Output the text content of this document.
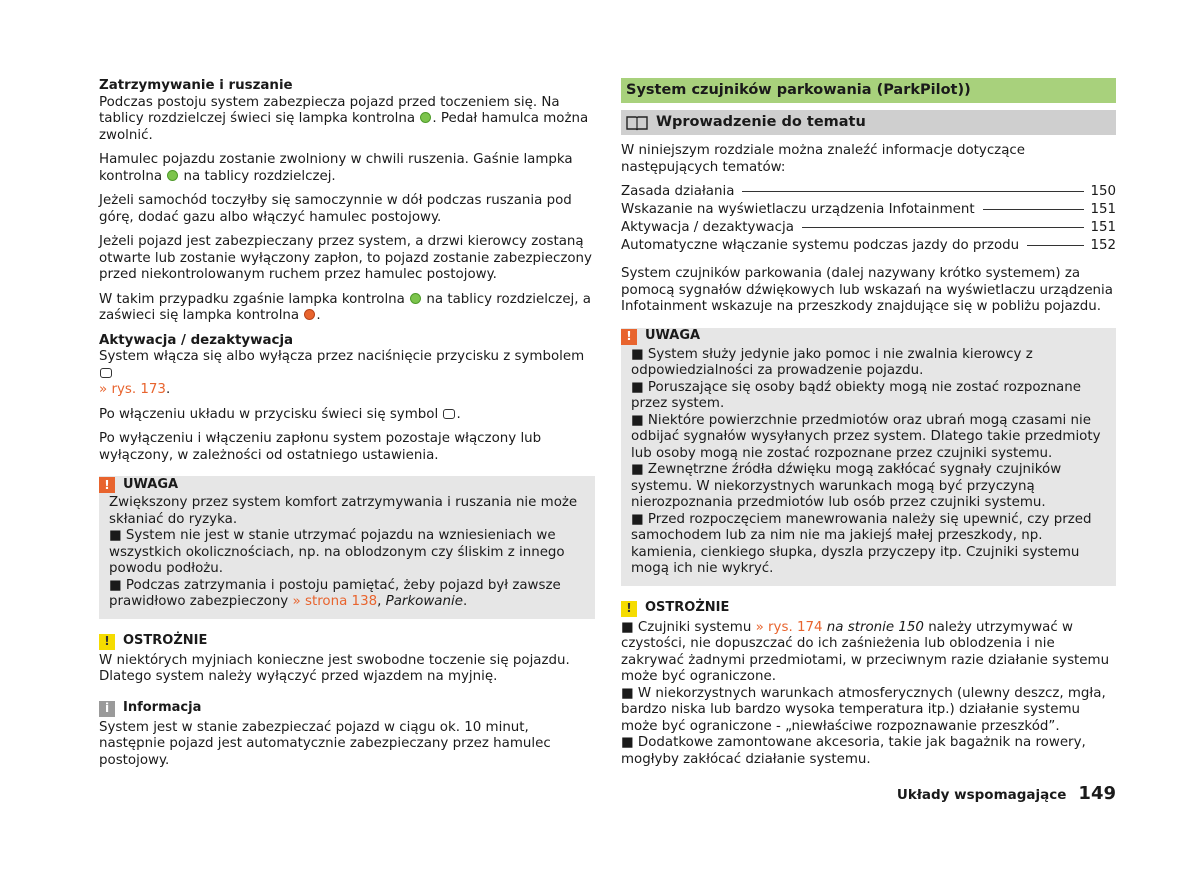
Zatrzymywanie i ruszanie
Podczas postoju system zabezpiecza pojazd przed toczeniem się. Na tablicy rozdzielczej świeci się lampka kontrolna . Pedał hamulca można zwolnić.

Hamulec pojazdu zostanie zwolniony w chwili ruszenia. Gaśnie lampka kontrolna  na tablicy rozdzielczej.

Jeżeli samochód toczyłby się samoczynnie w dół podczas ruszania pod górę, dodać gazu albo włączyć hamulec postojowy.

Jeżeli pojazd jest zabezpieczany przez system, a drzwi kierowcy zostaną otwarte lub zostanie wyłączony zapłon, to pojazd zostanie zabezpieczony przed niekontrolowanym ruchem przez hamulec postojowy.

W takim przypadku zgaśnie lampka kontrolna  na tablicy rozdzielczej, a zaświeci się lampka kontrolna .

Aktywacja / dezaktywacja
System włącza się albo wyłącza przez naciśnięcie przycisku z symbolem
» rys. 173.

Po włączeniu układu w przycisku świeci się symbol .

Po wyłączeniu i włączeniu zapłonu system pozostaje włączony lub wyłączony, w zależności od ostatniego ustawienia.

!	UWAGA

Zwiększony przez system komfort zatrzymywania i ruszania nie może skłaniać do ryzyka.

■ System nie jest w stanie utrzymać pojazdu na wzniesieniach we wszystkich okolicznościach, np. na oblodzonym czy śliskim z innego powodu podłożu.

■ Podczas zatrzymania i postoju pamiętać, żeby pojazd był zawsze prawidłowo zabezpieczony » strona 138, Parkowanie.

!	OSTROŻNIE

W niektórych myjniach konieczne jest swobodne toczenie się pojazdu. Dlatego system należy wyłączyć przed wjazdem na myjnię.

i	Informacja

System jest w stanie zabezpieczać pojazd w ciągu ok. 10 minut, następnie pojazd jest automatycznie zabezpieczany przez hamulec postojowy.

System czujników parkowania (ParkPilot))
Wprowadzenie do tematu

W niniejszym rozdziale można znaleźć informacje dotyczące następujących tematów:

Zasada działania	150
Wskazanie na wyświetlaczu urządzenia Infotainment	151
Aktywacja / dezaktywacja	151
Automatyczne włączanie systemu podczas jazdy do przodu	152

System czujników parkowania (dalej nazywany krótko systemem) za pomocą sygnałów dźwiękowych lub wskazań na wyświetlaczu urządzenia Infotainment wskazuje na przeszkody znajdujące się w pobliżu pojazdu.

!	UWAGA

■ System służy jedynie jako pomoc i nie zwalnia kierowcy z odpowiedzialności za prowadzenie pojazdu.

■ Poruszające się osoby bądź obiekty mogą nie zostać rozpoznane przez system.

■ Niektóre powierzchnie przedmiotów oraz ubrań mogą czasami nie odbijać sygnałów wysyłanych przez system. Dlatego takie przedmioty lub osoby mogą nie zostać rozpoznane przez czujniki systemu.

■ Zewnętrzne źródła dźwięku mogą zakłócać sygnały czujników systemu. W niekorzystnych warunkach mogą być przyczyną nierozpoznania przedmiotów lub osób przez czujniki systemu.

■ Przed rozpoczęciem manewrowania należy się upewnić, czy przed samochodem lub za nim nie ma jakiejś małej przeszkody, np. kamienia, cienkiego słupka, dyszla przyczepy itp. Czujniki systemu mogą ich nie wykryć.

!	OSTROŻNIE

■ Czujniki systemu » rys. 174 na stronie 150 należy utrzymywać w czystości, nie dopuszczać do ich zaśnieżenia lub oblodzenia i nie zakrywać żadnymi przedmiotami, w przeciwnym razie działanie systemu może być ograniczone.

■ W niekorzystnych warunkach atmosferycznych (ulewny deszcz, mgła, bardzo niska lub bardzo wysoka temperatura itp.) działanie systemu może być ograniczone - „niewłaściwe rozpoznawanie przeszkód”.

■ Dodatkowe zamontowane akcesoria, takie jak bagażnik na rowery, mogłyby zakłócać działanie systemu.

Układy wspomagające 149
